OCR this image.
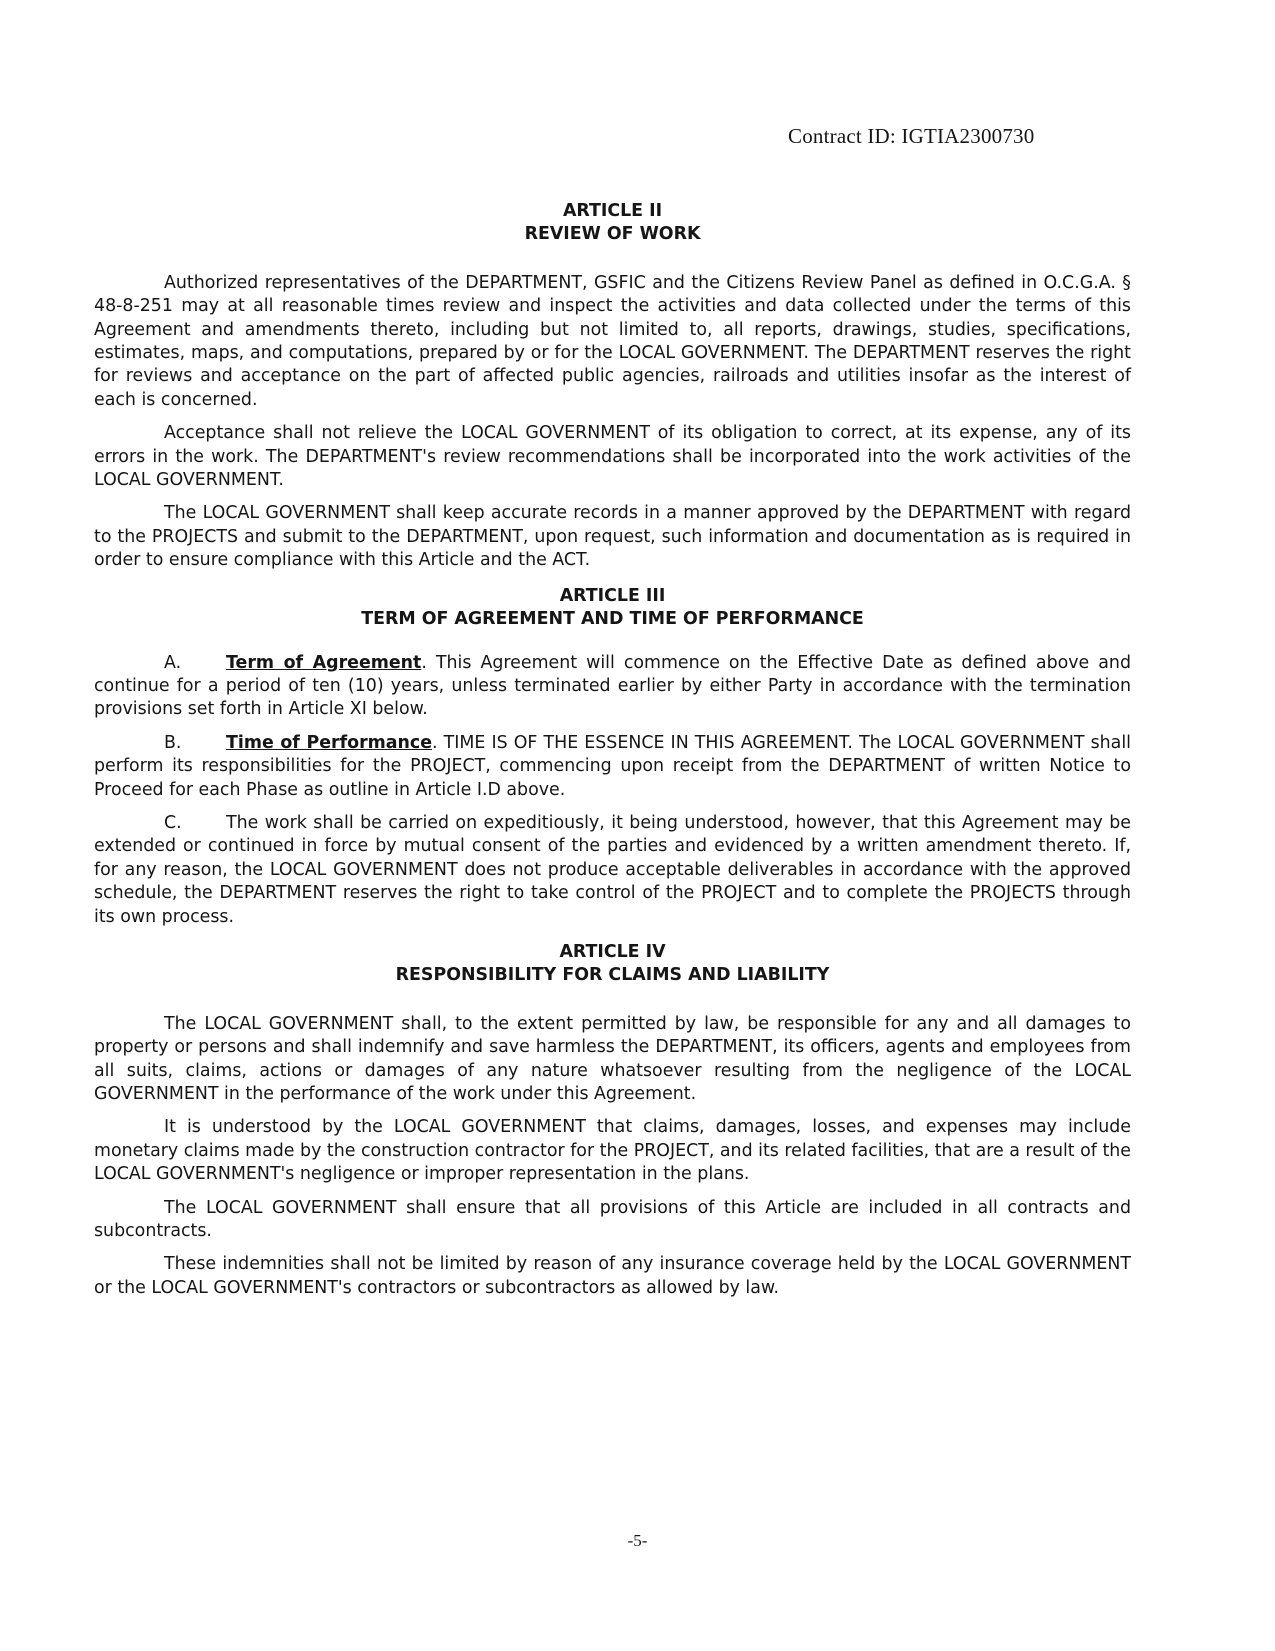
Contract ID: IGTIA2300730
ARTICLE II
REVIEW OF WORK

Authorized representatives of the DEPARTMENT, GSFIC and the Citizens Review Panel as defined in O.C.G.A. § 48-8-251 may at all reasonable times review and inspect the activities and data collected under the terms of this Agreement and amendments thereto, including but not limited to, all reports, drawings, studies, specifications, estimates, maps, and computations, prepared by or for the LOCAL GOVERNMENT. The DEPARTMENT reserves the right for reviews and acceptance on the part of affected public agencies, railroads and utilities insofar as the interest of each is concerned.

Acceptance shall not relieve the LOCAL GOVERNMENT of its obligation to correct, at its expense, any of its errors in the work. The DEPARTMENT's review recommendations shall be incorporated into the work activities of the LOCAL GOVERNMENT.

The LOCAL GOVERNMENT shall keep accurate records in a manner approved by the DEPARTMENT with regard to the PROJECTS and submit to the DEPARTMENT, upon request, such information and documentation as is required in order to ensure compliance with this Article and the ACT.

ARTICLE III
TERM OF AGREEMENT AND TIME OF PERFORMANCE

A.	Term of Agreement. This Agreement will commence on the Effective Date as defined above and continue for a period of ten (10) years, unless terminated earlier by either Party in accordance with the termination provisions set forth in Article XI below.

B.	Time of Performance. TIME IS OF THE ESSENCE IN THIS AGREEMENT. The LOCAL GOVERNMENT shall perform its responsibilities for the PROJECT, commencing upon receipt from the DEPARTMENT of written Notice to Proceed for each Phase as outline in Article I.D above.

C.	The work shall be carried on expeditiously, it being understood, however, that this Agreement may be extended or continued in force by mutual consent of the parties and evidenced by a written amendment thereto. If, for any reason, the LOCAL GOVERNMENT does not produce acceptable deliverables in accordance with the approved schedule, the DEPARTMENT reserves the right to take control of the PROJECT and to complete the PROJECTS through its own process.

ARTICLE IV
RESPONSIBILITY FOR CLAIMS AND LIABILITY

The LOCAL GOVERNMENT shall, to the extent permitted by law, be responsible for any and all damages to property or persons and shall indemnify and save harmless the DEPARTMENT, its officers, agents and employees from all suits, claims, actions or damages of any nature whatsoever resulting from the negligence of the LOCAL GOVERNMENT in the performance of the work under this Agreement.

It is understood by the LOCAL GOVERNMENT that claims, damages, losses, and expenses may include monetary claims made by the construction contractor for the PROJECT, and its related facilities, that are a result of the LOCAL GOVERNMENT's negligence or improper representation in the plans.

The LOCAL GOVERNMENT shall ensure that all provisions of this Article are included in all contracts and subcontracts.

These indemnities shall not be limited by reason of any insurance coverage held by the LOCAL GOVERNMENT or the LOCAL GOVERNMENT's contractors or subcontractors as allowed by law.

-5-
